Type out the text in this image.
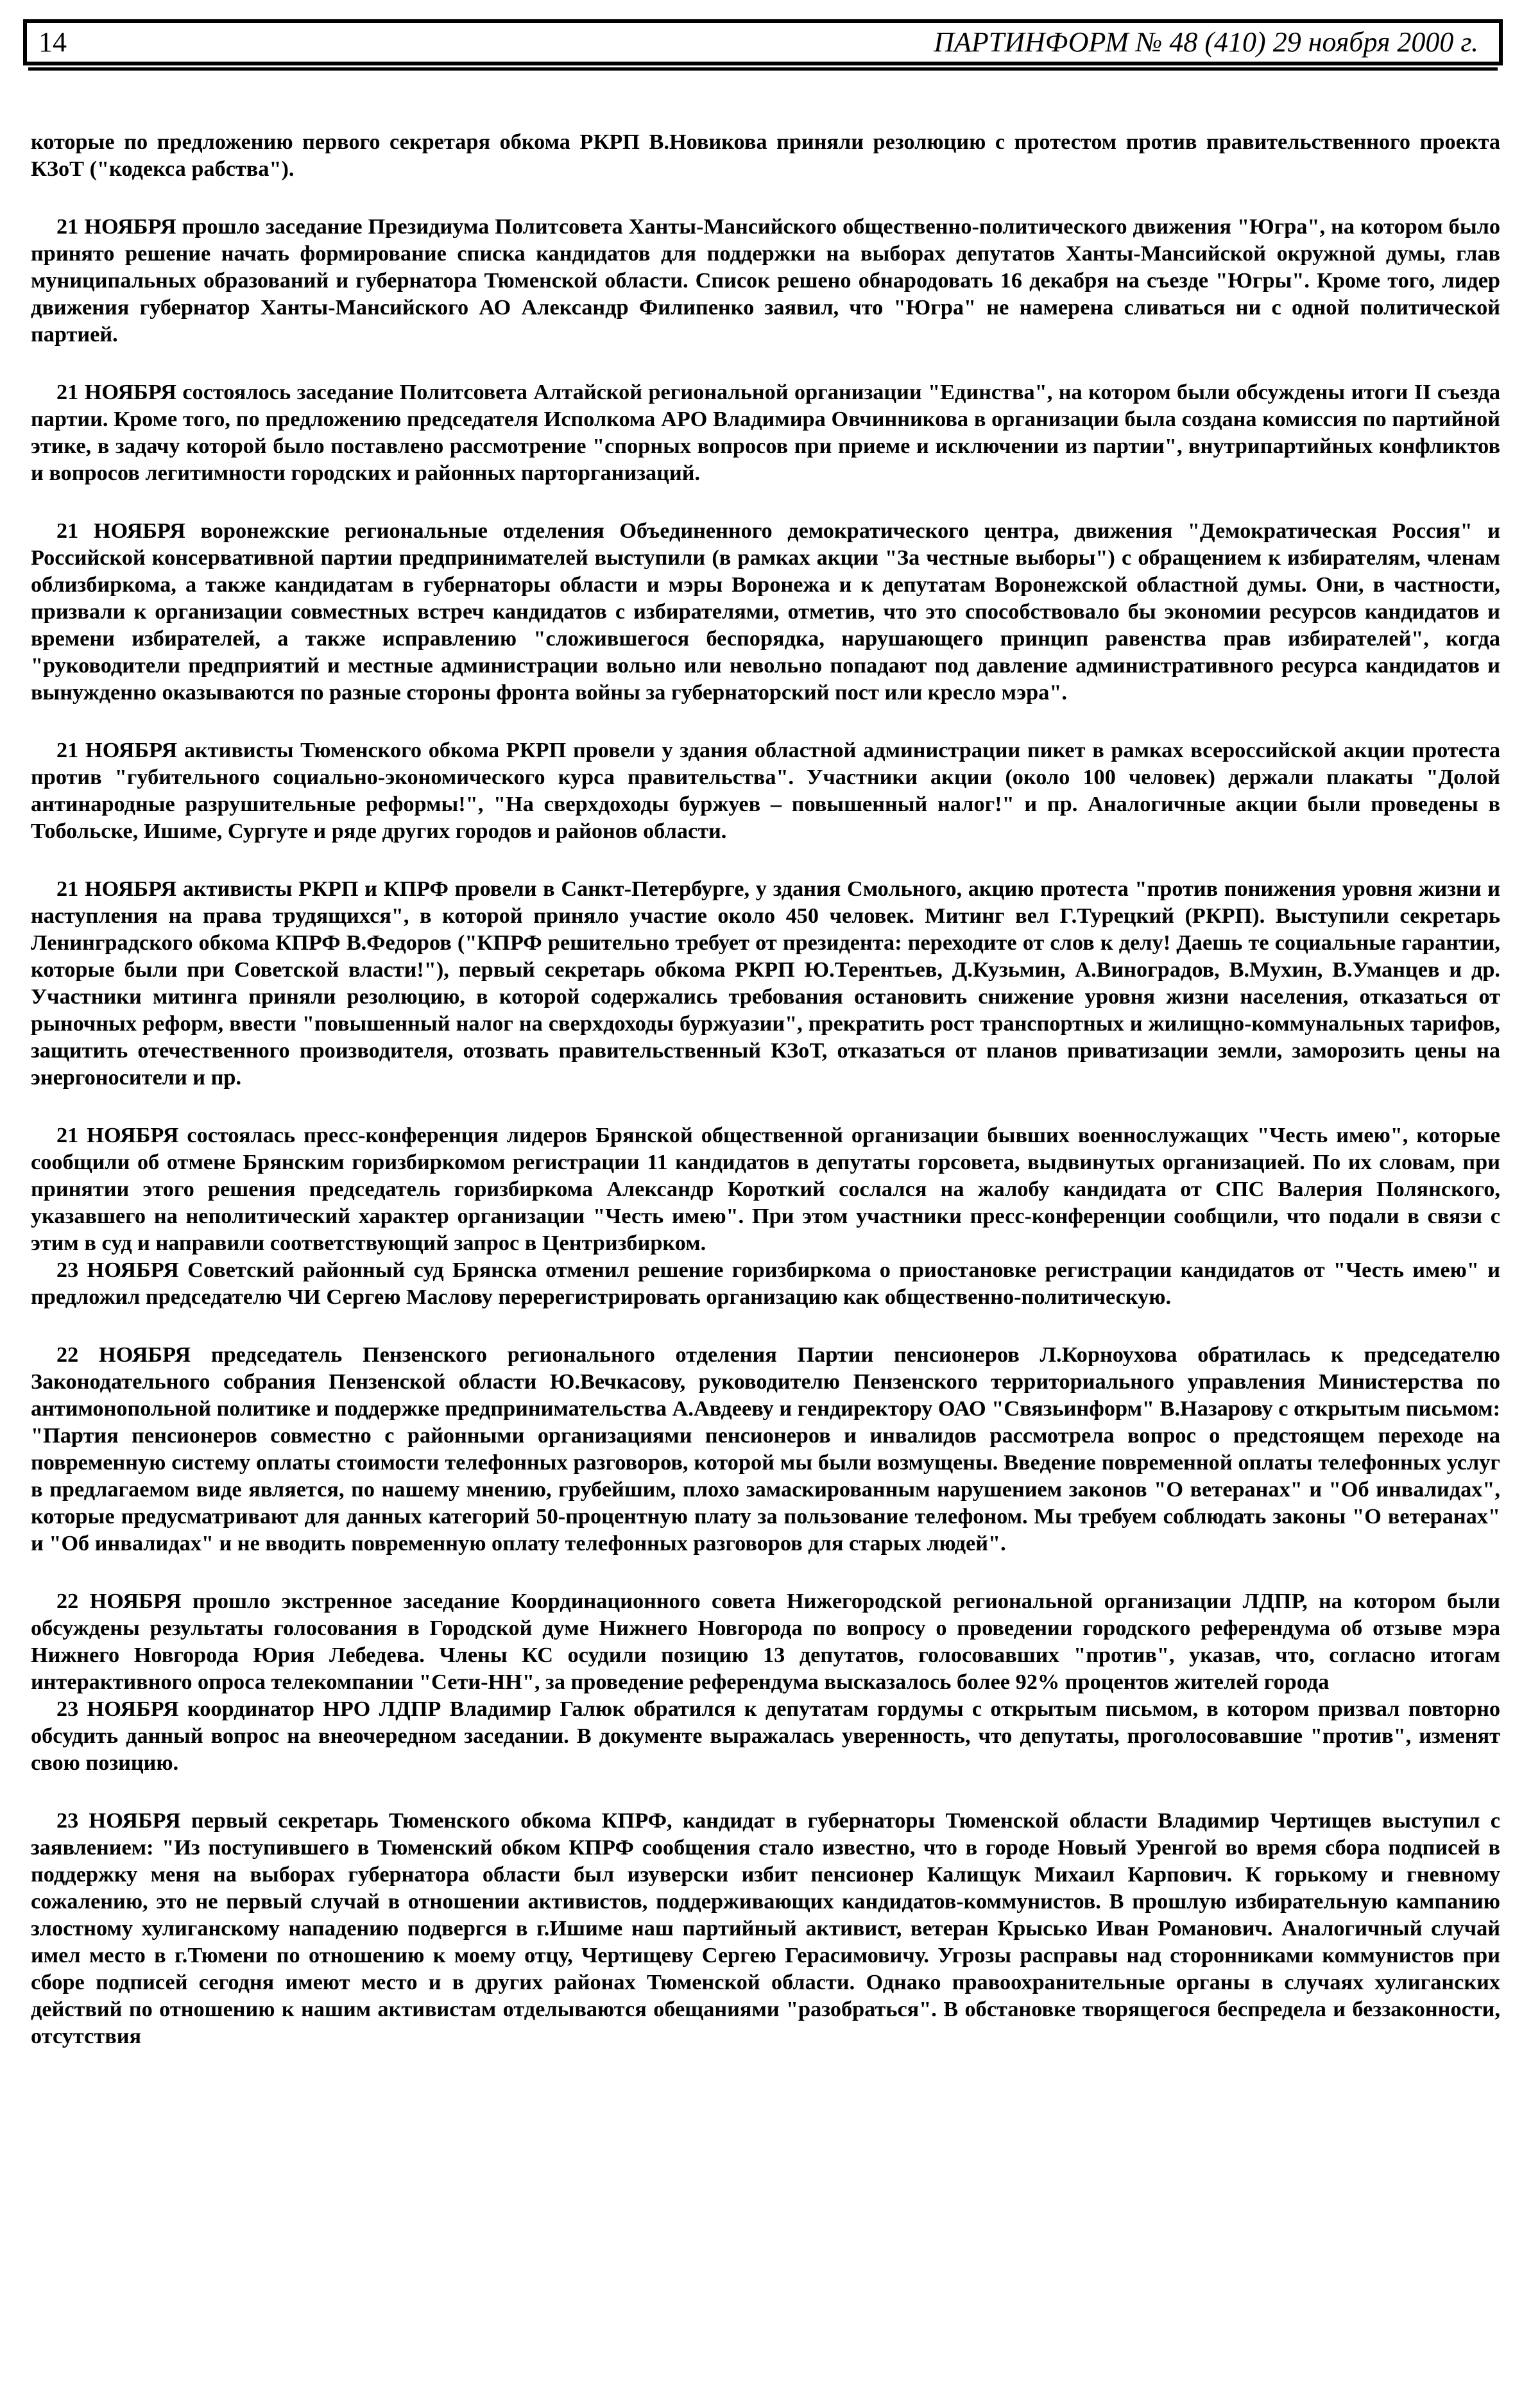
14	ПАРТИНФОРМ № 48 (410) 29 ноября 2000 г.

которые по предложению первого секретаря обкома РКРП В.Новикова приняли резолюцию с протестом против правительственного проекта КЗоТ ("кодекса рабства").

21 НОЯБРЯ прошло заседание Президиума Политсовета Ханты-Мансийского общественно-политического движения "Югра", на котором было принято решение начать формирование списка кандидатов для поддержки на выборах депутатов Ханты-Мансийской окружной думы, глав муниципальных образований и губернатора Тюменской области. Список решено обнародовать 16 декабря на съезде "Югры". Кроме того, лидер движения губернатор Ханты-Мансийского АО Александр Филипенко заявил, что "Югра" не намерена сливаться ни с одной политической партией.

21 НОЯБРЯ состоялось заседание Политсовета Алтайской региональной организации "Единства", на котором были обсуждены итоги II съезда партии. Кроме того, по предложению председателя Исполкома АРО Владимира Овчинникова в организации была создана комиссия по партийной этике, в задачу которой было поставлено рассмотрение "спорных вопросов при приеме и исключении из партии", внутрипартийных конфликтов и вопросов легитимности городских и районных парторганизаций.

21 НОЯБРЯ воронежские региональные отделения Объединенного демократического центра, движения "Демократическая Россия" и Российской консервативной партии предпринимателей выступили (в рамках акции "За честные выборы") с обращением к избирателям, членам облизбиркома, а также кандидатам в губернаторы области и мэры Воронежа и к депутатам Воронежской областной думы. Они, в частности, призвали к организации совместных встреч кандидатов с избирателями, отметив, что это способствовало бы экономии ресурсов кандидатов и времени избирателей, а также исправлению "сложившегося беспорядка, нарушающего принцип равенства прав избирателей", когда "руководители предприятий и местные администрации вольно или невольно попадают под давление административного ресурса кандидатов и вынужденно оказываются по разные стороны фронта войны за губернаторский пост или кресло мэра".

21 НОЯБРЯ активисты Тюменского обкома РКРП провели у здания областной администрации пикет в рамках всероссийской акции протеста против "губительного социально-экономического курса правительства". Участники акции (около 100 человек) держали плакаты "Долой антинародные разрушительные реформы!", "На сверхдоходы буржуев – повышенный налог!" и пр. Аналогичные акции были проведены в Тобольске, Ишиме, Сургуте и ряде других городов и районов области.

21 НОЯБРЯ активисты РКРП и КПРФ провели в Санкт-Петербурге, у здания Смольного, акцию протеста "против понижения уровня жизни и наступления на права трудящихся", в которой приняло участие около 450 человек. Митинг вел Г.Турецкий (РКРП). Выступили секретарь Ленинградского обкома КПРФ В.Федоров ("КПРФ решительно требует от президента: переходите от слов к делу! Даешь те социальные гарантии, которые были при Советской власти!"), первый секретарь обкома РКРП Ю.Терентьев, Д.Кузьмин, А.Виноградов, В.Мухин, В.Уманцев и др. Участники митинга приняли резолюцию, в которой содержались требования остановить снижение уровня жизни населения, отказаться от рыночных реформ, ввести "повышенный налог на сверхдоходы буржуазии", прекратить рост транспортных и жилищно-коммунальных тарифов, защитить отечественного производителя, отозвать правительственный КЗоТ, отказаться от планов приватизации земли, заморозить цены на энергоносители и пр.

21 НОЯБРЯ состоялась пресс-конференция лидеров Брянской общественной организации бывших военнослужащих "Честь имею", которые сообщили об отмене Брянским горизбиркомом регистрации 11 кандидатов в депутаты горсовета, выдвинутых организацией. По их словам, при принятии этого решения председатель горизбиркома Александр Короткий сослался на жалобу кандидата от СПС Валерия Полянского, указавшего на неполитический характер организации "Честь имею". При этом участники пресс-конференции сообщили, что подали в связи с этим в суд и направили соответствующий запрос в Центризбирком.

23 НОЯБРЯ Советский районный суд Брянска отменил решение горизбиркома о приостановке регистрации кандидатов от "Честь имею" и предложил председателю ЧИ Сергею Маслову перерегистрировать организацию как общественно-политическую.

22 НОЯБРЯ председатель Пензенского регионального отделения Партии пенсионеров Л.Корноухова обратилась к председателю Законодательного собрания Пензенской области Ю.Вечкасову, руководителю Пензенского территориального управления Министерства по антимонопольной политике и поддержке предпринимательства А.Авдееву и гендиректору ОАО "Связьинформ" В.Назарову с открытым письмом: "Партия пенсионеров совместно с районными организациями пенсионеров и инвалидов рассмотрела вопрос о предстоящем переходе на повременную систему оплаты стоимости телефонных разговоров, которой мы были возмущены. Введение повременной оплаты телефонных услуг в предлагаемом виде является, по нашему мнению, грубейшим, плохо замаскированным нарушением законов "О ветеранах" и "Об инвалидах", которые предусматривают для данных категорий 50-процентную плату за пользование телефоном. Мы требуем соблюдать законы "О ветеранах" и "Об инвалидах" и не вводить повременную оплату телефонных разговоров для старых людей".

22 НОЯБРЯ прошло экстренное заседание Координационного совета Нижегородской региональной организации ЛДПР, на котором были обсуждены результаты голосования в Городской думе Нижнего Новгорода по вопросу о проведении городского референдума об отзыве мэра Нижнего Новгорода Юрия Лебедева. Члены КС осудили позицию 13 депутатов, голосовавших "против", указав, что, согласно итогам интерактивного опроса телекомпании "Сети-НН", за проведение референдума высказалось более 92% процентов жителей города

23 НОЯБРЯ координатор НРО ЛДПР Владимир Галюк обратился к депутатам гордумы с открытым письмом, в котором призвал повторно обсудить данный вопрос на внеочередном заседании. В документе выражалась уверенность, что депутаты, проголосовавшие "против", изменят свою позицию.

23 НОЯБРЯ первый секретарь Тюменского обкома КПРФ, кандидат в губернаторы Тюменской области Владимир Чертищев выступил с заявлением: "Из поступившего в Тюменский обком КПРФ сообщения стало известно, что в городе Новый Уренгой во время сбора подписей в поддержку меня на выборах губернатора области был изуверски избит пенсионер Калищук Михаил Карпович. К горькому и гневному сожалению, это не первый случай в отношении активистов, поддерживающих кандидатов-коммунистов. В прошлую избирательную кампанию злостному хулиганскому нападению подвергся в г.Ишиме наш партийный активист, ветеран Крысько Иван Романович. Аналогичный случай имел место в г.Тюмени по отношению к моему отцу, Чертищеву Сергею Герасимовичу. Угрозы расправы над сторонниками коммунистов при сборе подписей сегодня имеют место и в других районах Тюменской области. Однако правоохранительные органы в случаях хулиганских действий по отношению к нашим активистам отделываются обещаниями "разобраться". В обстановке творящегося беспредела и беззаконности, отсутствия
